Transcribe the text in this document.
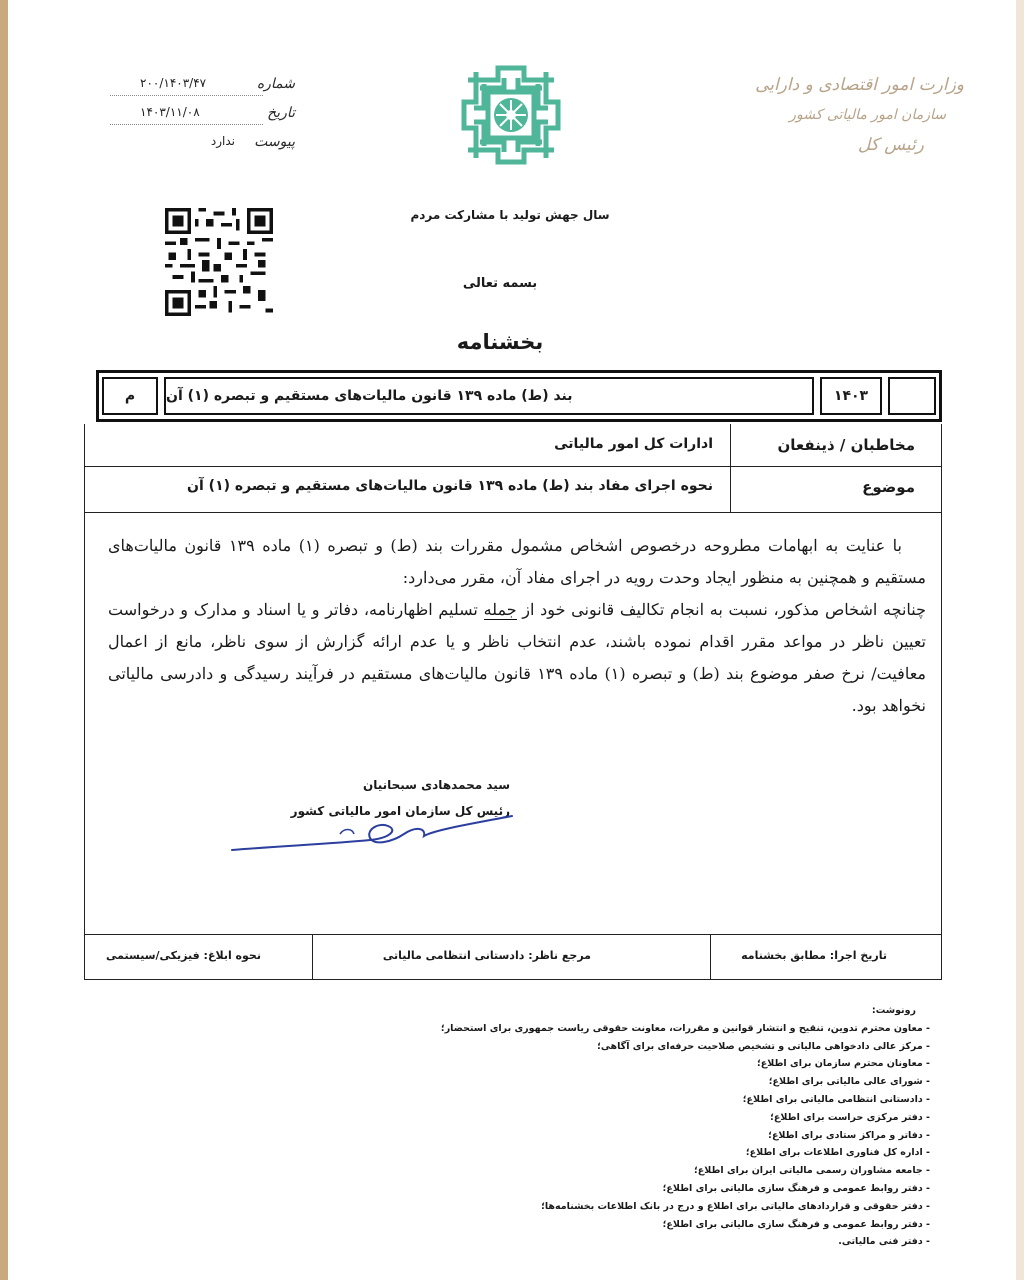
وزارت امور اقتصادی و دارایی
سازمان امور مالیاتی کشور
رئیس کل
شماره
۲۰۰/۱۴۰۳/۴۷
تاریخ
۱۴۰۳/۱۱/۰۸
پیوست
ندارد
سال جهش تولید با مشارکت مردم
بسمه تعالی
بخشنامه
م	بند (ط) ماده ۱۳۹ قانون مالیات‌های مستقیم و تبصره (۱) آن	۱۴۰۳
مخاطبان / ذینفعان
ادارات کل امور مالیاتی
موضوع
نحوه اجرای مفاد بند (ط) ماده ۱۳۹ قانون مالیات‌های مستقیم و تبصره (۱) آن

با عنایت به ابهامات مطروحه درخصوص اشخاص مشمول مقررات بند (ط) و تبصره (۱) ماده ۱۳۹ قانون مالیات‌های مستقیم و همچنین به منظور ایجاد وحدت رویه در اجرای مفاد آن، مقرر می‌دارد:

چنانچه اشخاص مذکور، نسبت به انجام تکالیف قانونی خود از جمله تسلیم اظهارنامه، دفاتر و یا اسناد و مدارک و درخواست تعیین ناظر در مواعد مقرر اقدام نموده باشند، عدم انتخاب ناظر و یا عدم ارائه گزارش از سوی ناظر، مانع از اعمال معافیت/ نرخ صفر موضوع بند (ط) و تبصره (۱) ماده ۱۳۹ قانون مالیات‌های مستقیم در فرآیند رسیدگی و دادرسی مالیاتی نخواهد بود.

سید محمدهادی سبحانیان
رئیس کل سازمان امور مالیاتی کشور
تاریخ اجرا: مطابق بخشنامه
مرجع ناظر: دادستانی انتظامی مالیاتی
نحوه ابلاغ: فیزیکی/سیستمی
رونوشت:
- معاون محترم تدوین، تنقیح و انتشار قوانین و مقررات، معاونت حقوقی ریاست جمهوری برای استحضار؛
- مرکز عالی دادخواهی مالیاتی و تشخیص صلاحیت حرفه‌ای برای آگاهی؛
- معاونان محترم سازمان برای اطلاع؛
- شورای عالی مالیاتی برای اطلاع؛
- دادستانی انتظامی مالیاتی برای اطلاع؛
- دفتر مرکزی حراست برای اطلاع؛
- دفاتر و مراکز ستادی برای اطلاع؛
- اداره کل فناوری اطلاعات برای اطلاع؛
- جامعه مشاوران رسمی مالیاتی ایران برای اطلاع؛
- دفتر روابط عمومی و فرهنگ سازی مالیاتی برای اطلاع؛
- دفتر حقوقی و قراردادهای مالیاتی برای اطلاع و درج در بانک اطلاعات بخشنامه‌ها؛
- دفتر روابط عمومی و فرهنگ سازی مالیاتی برای اطلاع؛
- دفتر فنی مالیاتی.
